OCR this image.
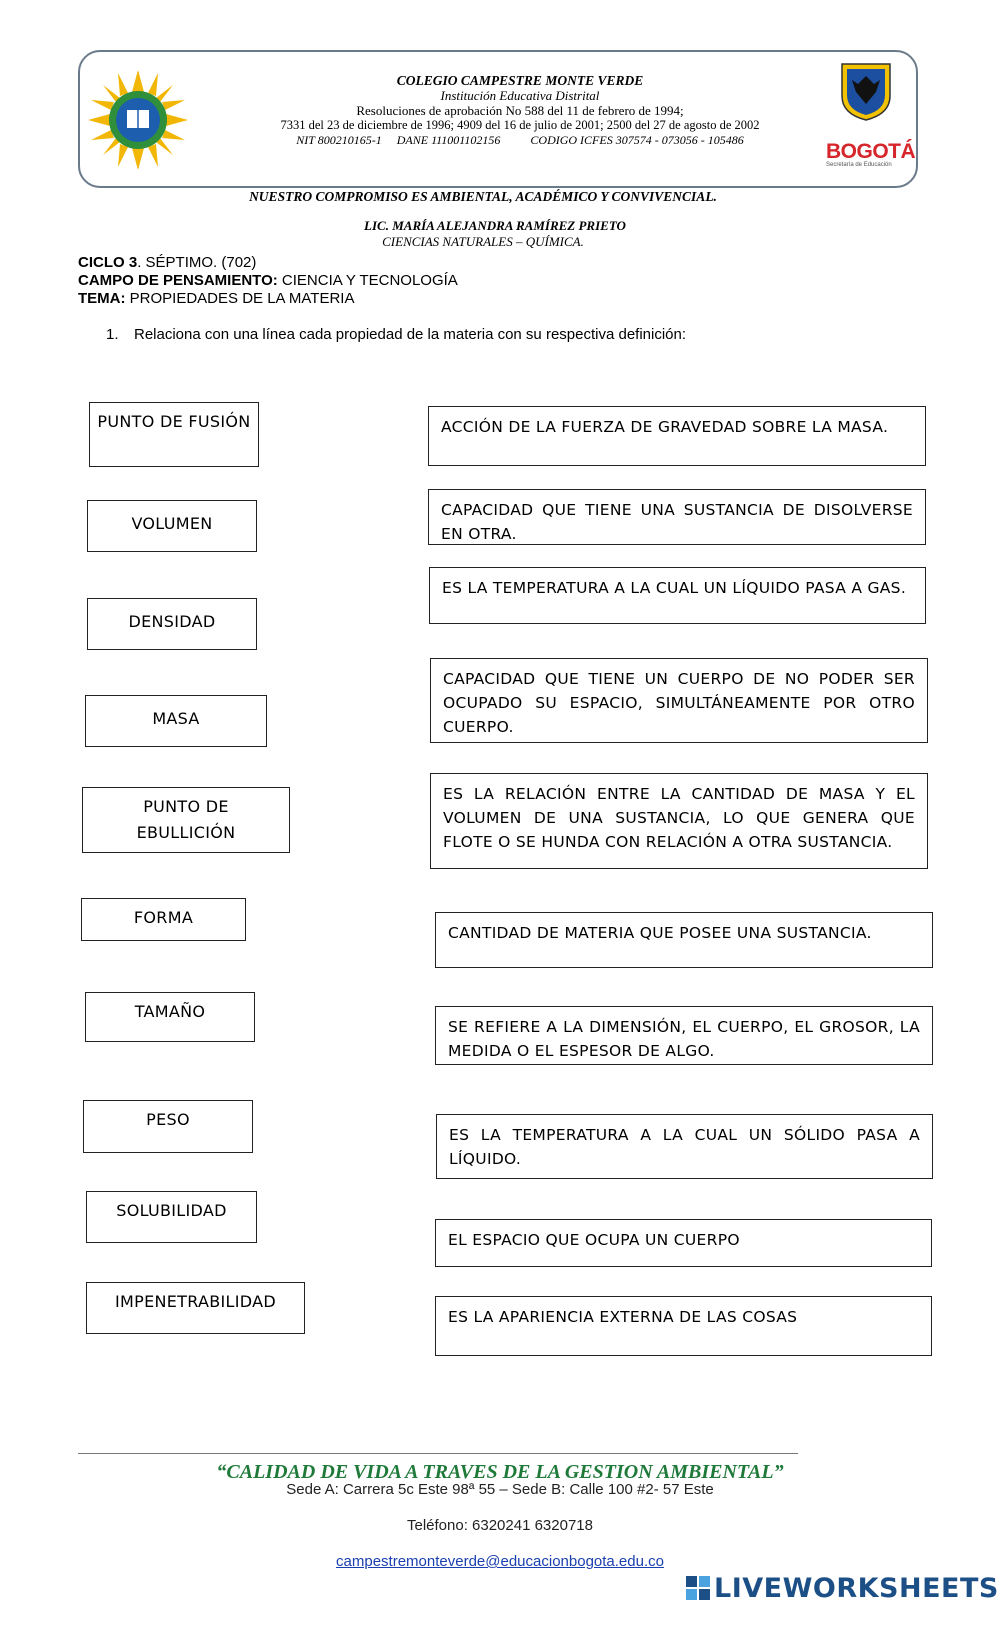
COLEGIO CAMPESTRE MONTE VERDE
Institución Educativa Distrital
Resoluciones de aprobación No 588 del 11 de febrero de 1994;
7331 del 23 de diciembre de 1996; 4909 del 16 de julio de 2001; 2500 del 27 de agosto de 2002
NIT 800210165-1     DANE 111001102156          CODIGO ICFES 307574 - 073056 - 105486	BOGOTÁ
Secretaría de Educación
NUESTRO COMPROMISO ES AMBIENTAL, ACADÉMICO Y CONVIVENCIAL.
LIC. MARÍA ALEJANDRA RAMÍREZ PRIETO
CIENCIAS NATURALES – QUÍMICA.
CICLO 3. SÉPTIMO. (702)
CAMPO DE PENSAMIENTO: CIENCIA Y TECNOLOGÍA
TEMA: PROPIEDADES DE LA MATERIA
1. Relaciona con una línea cada propiedad de la materia con su respectiva definición:
PUNTO DE FUSIÓN
VOLUMEN
DENSIDAD
MASA
PUNTO DE EBULLICIÓN
FORMA
TAMAÑO
PESO
SOLUBILIDAD
IMPENETRABILIDAD
ACCIÓN DE LA FUERZA DE GRAVEDAD SOBRE LA MASA.
CAPACIDAD QUE TIENE UNA SUSTANCIA DE DISOLVERSE EN OTRA.
ES LA TEMPERATURA A LA CUAL UN LÍQUIDO PASA A GAS.
CAPACIDAD QUE TIENE UN CUERPO DE NO PODER SER OCUPADO SU ESPACIO, SIMULTÁNEAMENTE POR OTRO CUERPO.
ES LA RELACIÓN ENTRE LA CANTIDAD DE MASA Y EL VOLUMEN DE UNA SUSTANCIA, LO QUE GENERA QUE FLOTE O SE HUNDA CON RELACIÓN A OTRA SUSTANCIA.
CANTIDAD DE MATERIA QUE POSEE UNA SUSTANCIA.
SE REFIERE A LA DIMENSIÓN, EL CUERPO, EL GROSOR, LA MEDIDA O EL ESPESOR DE ALGO.
ES LA TEMPERATURA A LA CUAL UN SÓLIDO PASA A LÍQUIDO.
EL ESPACIO QUE OCUPA UN CUERPO
ES LA APARIENCIA EXTERNA DE LAS COSAS
“CALIDAD DE VIDA A TRAVES DE LA GESTION AMBIENTAL”
Sede A: Carrera 5c Este 98ª 55 – Sede B: Calle 100 #2- 57 Este
Teléfono: 6320241 6320718
campestremonteverde@educacionbogota.edu.co
LIVEWORKSHEETS
